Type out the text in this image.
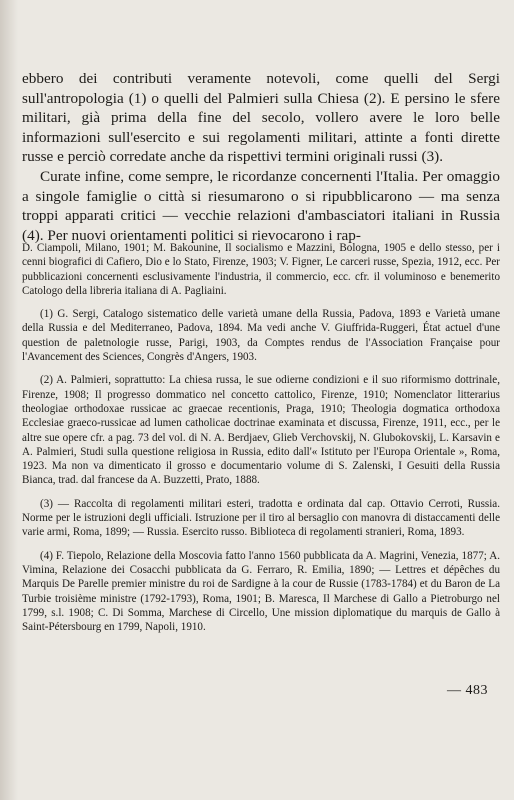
ebbero dei contributi veramente notevoli, come quelli del Sergi sull'antropologia (1) o quelli del Palmieri sulla Chiesa (2). E persino le sfere militari, già prima della fine del secolo, vollero avere le loro belle informazioni sull'esercito e sui regolamenti militari, attinte a fonti dirette russe e perciò corredate anche da rispettivi termini originali russi (3).

Curate infine, come sempre, le ricordanze concernenti l'Italia. Per omaggio a singole famiglie o città si riesumarono o si ripubblicarono — ma senza troppi apparati critici — vecchie relazioni d'ambasciatori italiani in Russia (4). Per nuovi orientamenti politici si rievocarono i rap-

D. Ciampoli, Milano, 1901; M. Bakounine, Il socialismo e Mazzini, Bologna, 1905 e dello stesso, per i cenni biografici di Cafiero, Dio e lo Stato, Firenze, 1903; V. Figner, Le carceri russe, Spezia, 1912, ecc. Per pubblicazioni concernenti esclusivamente l'industria, il commercio, ecc. cfr. il voluminoso e benemerito Catologo della libreria italiana di A. Pagliaini.

(1) G. Sergi, Catalogo sistematico delle varietà umane della Russia, Padova, 1893 e Varietà umane della Russia e del Mediterraneo, Padova, 1894. Ma vedi anche V. Giuffrida-Ruggeri, État actuel d'une question de paletnologie russe, Parigi, 1903, da Comptes rendus de l'Association Française pour l'Avancement des Sciences, Congrès d'Angers, 1903.

(2) A. Palmieri, soprattutto: La chiesa russa, le sue odierne condizioni e il suo riformismo dottrinale, Firenze, 1908; Il progresso dommatico nel concetto cattolico, Firenze, 1910; Nomenclator litterarius theologiae orthodoxae russicae ac graecae recentionis, Praga, 1910; Theologia dogmatica orthodoxa Ecclesiae graeco-russicae ad lumen catholicae doctrinae examinata et discussa, Firenze, 1911, ecc., per le altre sue opere cfr. a pag. 73 del vol. di N. A. Berdjaev, Glieb Verchovskij, N. Glubokovskij, L. Karsavin e A. Palmieri, Studi sulla questione religiosa in Russia, edito dall'« Istituto per l'Europa Orientale », Roma, 1923. Ma non va dimenticato il grosso e documentario volume di S. Zalenski, I Gesuiti della Russia Bianca, trad. dal francese da A. Buzzetti, Prato, 1888.

(3) — Raccolta di regolamenti militari esteri, tradotta e ordinata dal cap. Ottavio Cerroti, Russia. Norme per le istruzioni degli ufficiali. Istruzione per il tiro al bersaglio con manovra di distaccamenti delle varie armi, Roma, 1899; — Russia. Esercito russo. Biblioteca di regolamenti stranieri, Roma, 1893.

(4) F. Tiepolo, Relazione della Moscovia fatto l'anno 1560 pubblicata da A. Magrini, Venezia, 1877; A. Vimina, Relazione dei Cosacchi pubblicata da G. Ferraro, R. Emilia, 1890; — Lettres et dépêches du Marquis De Parelle premier ministre du roi de Sardigne à la cour de Russie (1783-1784) et du Baron de La Turbie troisième ministre (1792-1793), Roma, 1901; B. Maresca, Il Marchese di Gallo a Pietroburgo nel 1799, s.l. 1908; C. Di Somma, Marchese di Circello, Une mission diplomatique du marquis de Gallo à Saint-Pétersbourg en 1799, Napoli, 1910.

— 483
